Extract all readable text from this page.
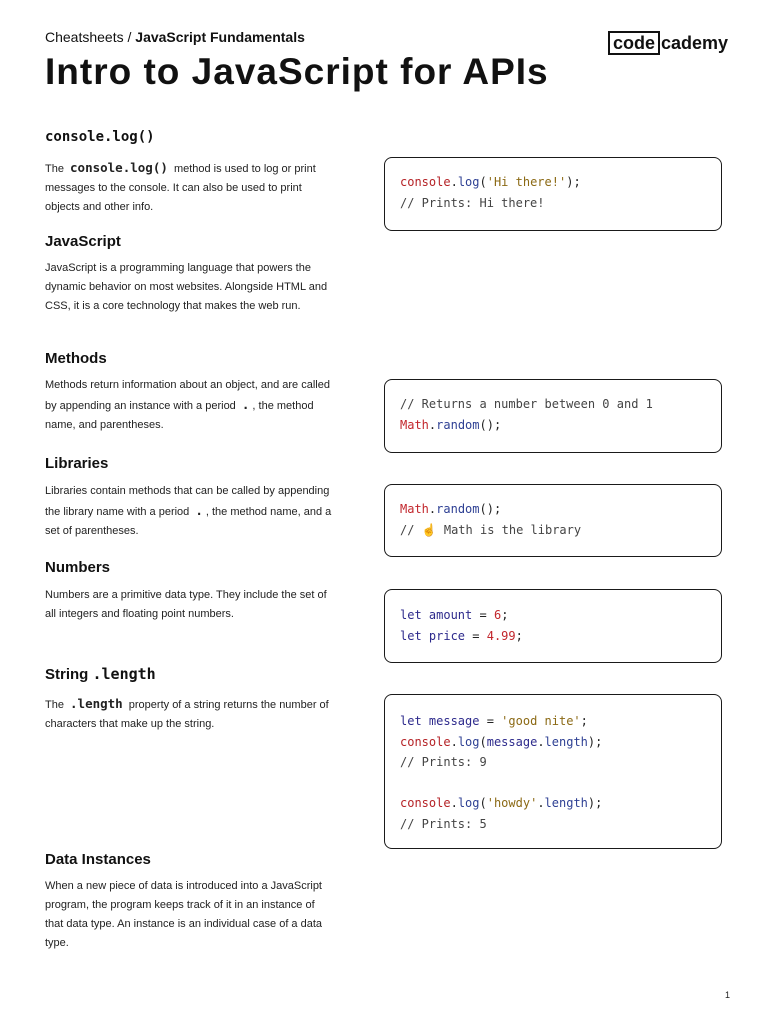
Cheatsheets / JavaScript Fundamentals	code cademy
Intro to JavaScript for APIs
console.log()

The console.log() method is used to log or print messages to the console. It can also be used to print objects and other info.

console.log('Hi there!');
// Prints: Hi there!
JavaScript

JavaScript is a programming language that powers the dynamic behavior on most websites. Alongside HTML and CSS, it is a core technology that makes the web run.

Methods

Methods return information about an object, and are called by appending an instance with a period . , the method name, and parentheses.

// Returns a number between 0 and 1
Math.random();
Libraries

Libraries contain methods that can be called by appending the library name with a period . , the method name, and a set of parentheses.

Math.random();
// ☝️ Math is the library
Numbers

Numbers are a primitive data type. They include the set of all integers and floating point numbers.	let amount = 6;
let price = 4.99;
String .length

The .length property of a string returns the number of characters that make up the string.	let message = 'good nite';
console.log(message.length);
// Prints: 9
console.log('howdy'.length);
// Prints: 5
Data Instances

When a new piece of data is introduced into a JavaScript program, the program keeps track of it in an instance of that data type. An instance is an individual case of a data type.

1
